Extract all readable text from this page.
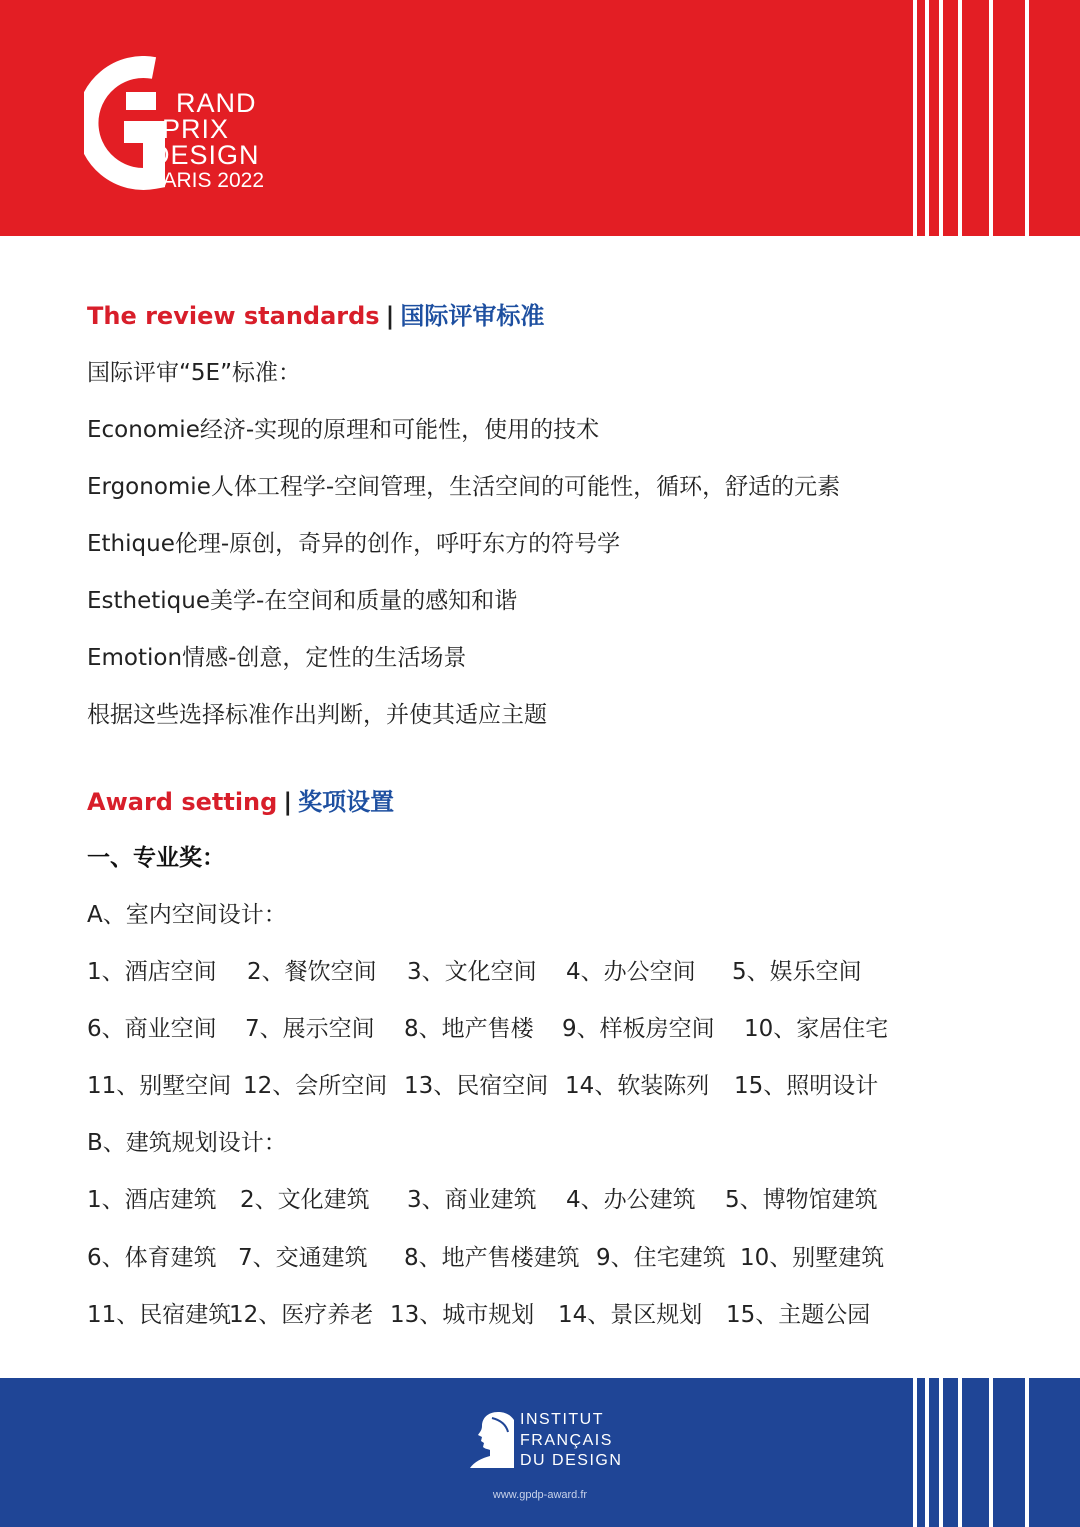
RAND
PRIX
DESIGN
PARIS 2022
The review standards | 国际评审标准
国际评审“5E”标准：
Economie经济-实现的原理和可能性，使用的技术
Ergonomie人体工程学-空间管理，生活空间的可能性，循环，舒适的元素
Ethique伦理-原创，奇异的创作，呼吁东方的符号学
Esthetique美学-在空间和质量的感知和谐
Emotion情感-创意，定性的生活场景
根据这些选择标准作出判断，并使其适应主题
Award setting | 奖项设置
一、专业奖：
A、室内空间设计：
1、酒店空间 2、餐饮空间 3、文化空间 4、办公空间 5、娱乐空间
6、商业空间 7、展示空间 8、地产售楼 9、样板房空间 10、家居住宅
11、别墅空间 12、会所空间 13、民宿空间 14、软装陈列 15、照明设计
B、建筑规划设计：
1、酒店建筑 2、文化建筑 3、商业建筑 4、办公建筑 5、博物馆建筑
6、体育建筑 7、交通建筑 8、地产售楼建筑 9、住宅建筑 10、别墅建筑
11、民宿建筑
12、医疗养老 13、城市规划 14、景区规划 15、主题公园
INSTITUT
FRANÇAIS
DU DESIGN
www.gpdp-award.fr
